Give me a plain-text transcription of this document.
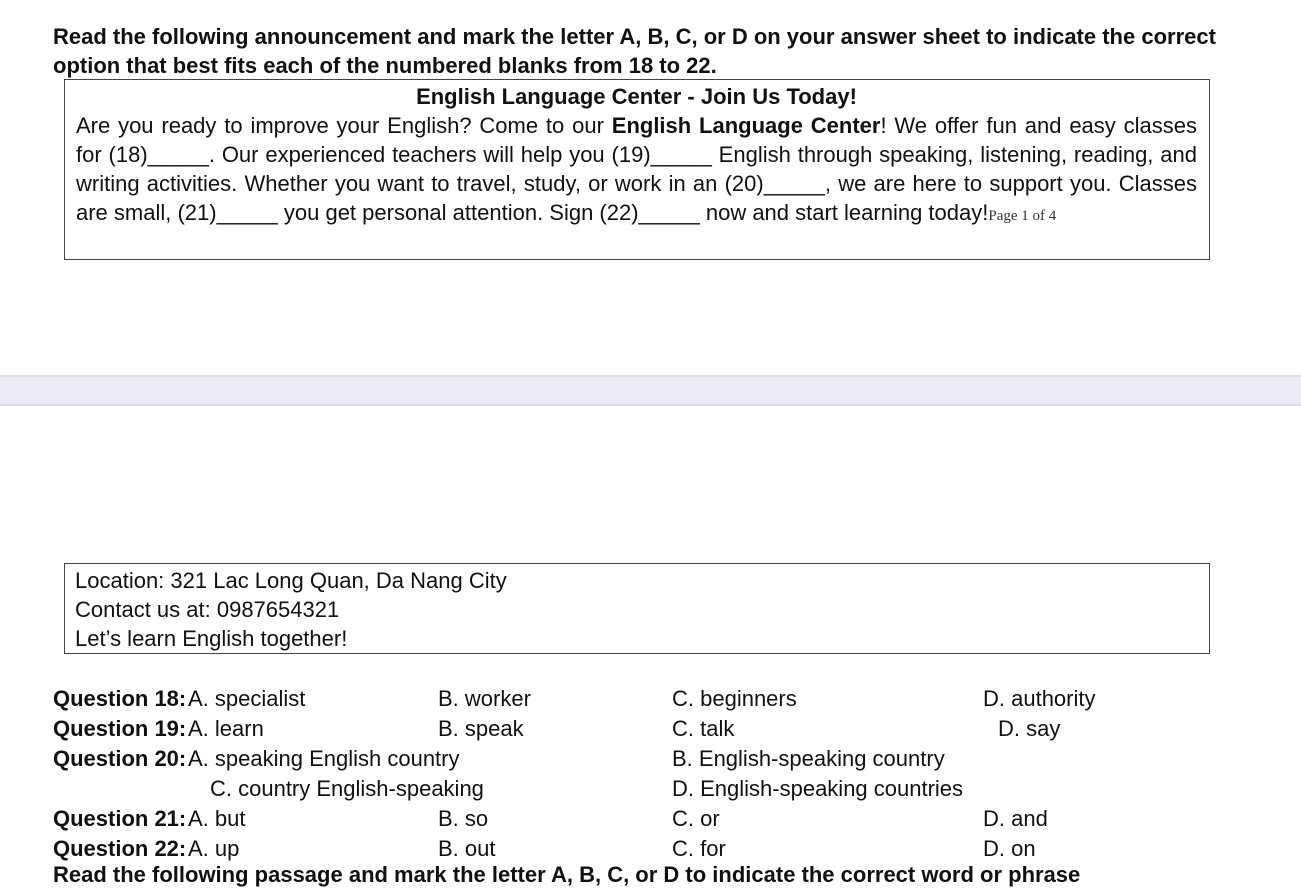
Read the following announcement and mark the letter A, B, C, or D on your answer sheet to indicate the correct option that best fits each of the numbered blanks from 18 to 22.
English Language Center - Join Us Today!
Are you ready to improve your English? Come to our English Language Center! We offer fun and easy classes for (18)_____. Our experienced teachers will help you (19)_____ English through speaking, listening, reading, and writing activities. Whether you want to travel, study, or work in an (20)_____, we are here to support you. Classes are small, (21)_____ you get personal attention. Sign (22)_____ now and start learning today!Page 1 of 4
Location: 321 Lac Long Quan, Da Nang City
Contact us at: 0987654321
Let’s learn English together!
Question 18: A. specialist	B. worker	C. beginners	D. authority
Question 19: A. learn	B. speak	C. talk	D. say
Question 20: A. speaking English country	B. English-speaking country
C. country English-speaking	D. English-speaking countries
Question 21: A. but	B. so	C. or	D. and
Question 22: A. up	B. out	C. for	D. on
Read the following passage and mark the letter A, B, C, or D to indicate the correct word or phrase
